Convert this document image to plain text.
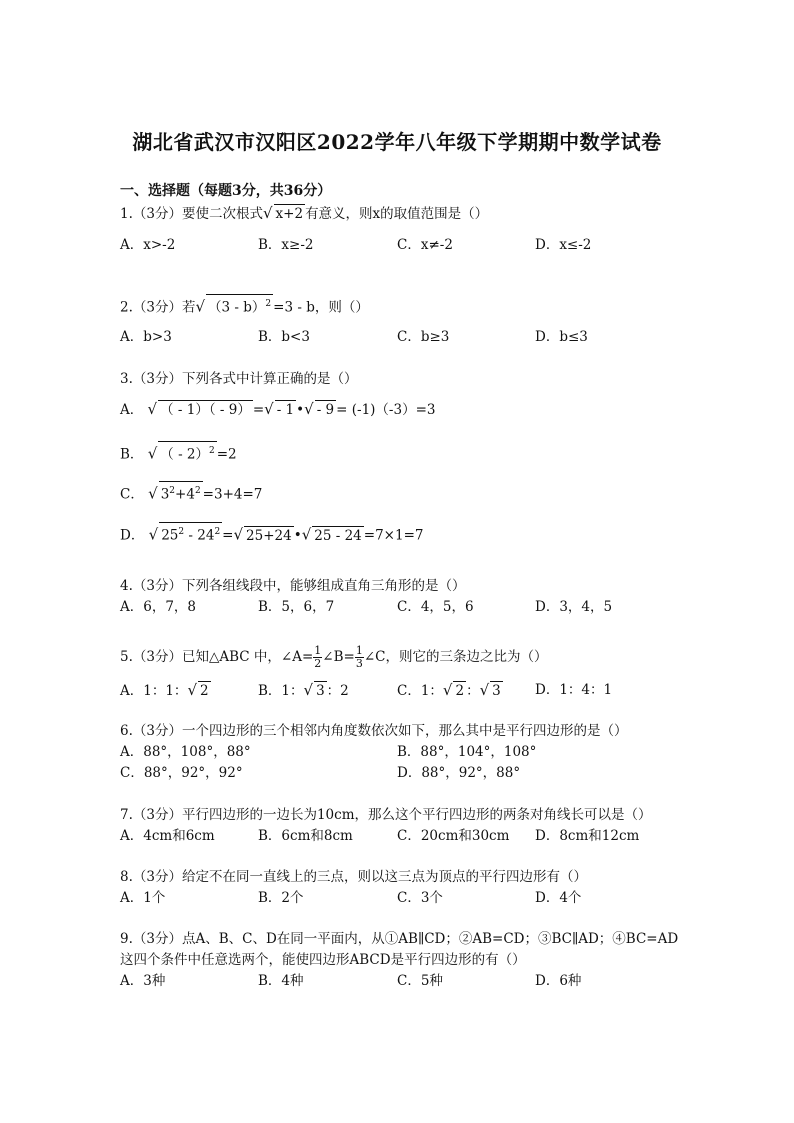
湖北省武汉市汉阳区2022学年八年级下学期期中数学试卷
一、选择题（每题3分，共36分）
1.（3分）要使二次根式√ x+2 有意义，则x的取值范围是（）
A．x>-2	B．x≥-2	C．x≠-2	D．x≤-2
2.（3分）若√ （3 - b）$^2$ =3 - b，则（）
A．b>3	B．b<3	C．b≥3	D．b≤3
3.（3分）下列各式中计算正确的是（）
A． √ （ - 1）（ - 9） =√- 1 •√- 9 = (-1)（-3）=3
B． √ （ - 2）$^2$ =2
C． √ $3^2+4^2 =3+4=7$
D． √ $25^2 - 24^2$ =√ 25+24 •√ 25 - 24 =7×1=7
4.（3分）下列各组线段中，能够组成直角三角形的是（）
A．6，7，8	B．5，6，7	C．4，5，6	D．3，4，5
5.（3分）已知△ABC 中，∠A= $\frac{1}{2}$ ∠B= $\frac{1}{3}$ ∠C，则它的三条边之比为（）
A．1：1：√ 2	B．1：√ 3 ：2	C．1：√ 2 ：√ 3	D．1：4：1
6.（3分）一个四边形的三个相邻内角度数依次如下，那么其中是平行四边形的是（）
A．88°，108°，88°	B．88°，104°，108°
C．88°，92°，92°	D．88°，92°，88°
7.（3分）平行四边形的一边长为10cm，那么这个平行四边形的两条对角线长可以是（）
A．4cm和6cm	B．6cm和8cm	C．20cm和30cm D．8cm和12cm
8.（3分）给定不在同一直线上的三点，则以这三点为顶点的平行四边形有（）
A．1个	B．2个	C．3个	D．4个
9.（3分）点A、B、C、D在同一平面内，从①AB∥CD；②AB=CD；③BC∥AD；④BC=AD
这四个条件中任意选两个，能使四边形ABCD是平行四边形的有（）
A．3种	B．4种	C．5种	D．6种
